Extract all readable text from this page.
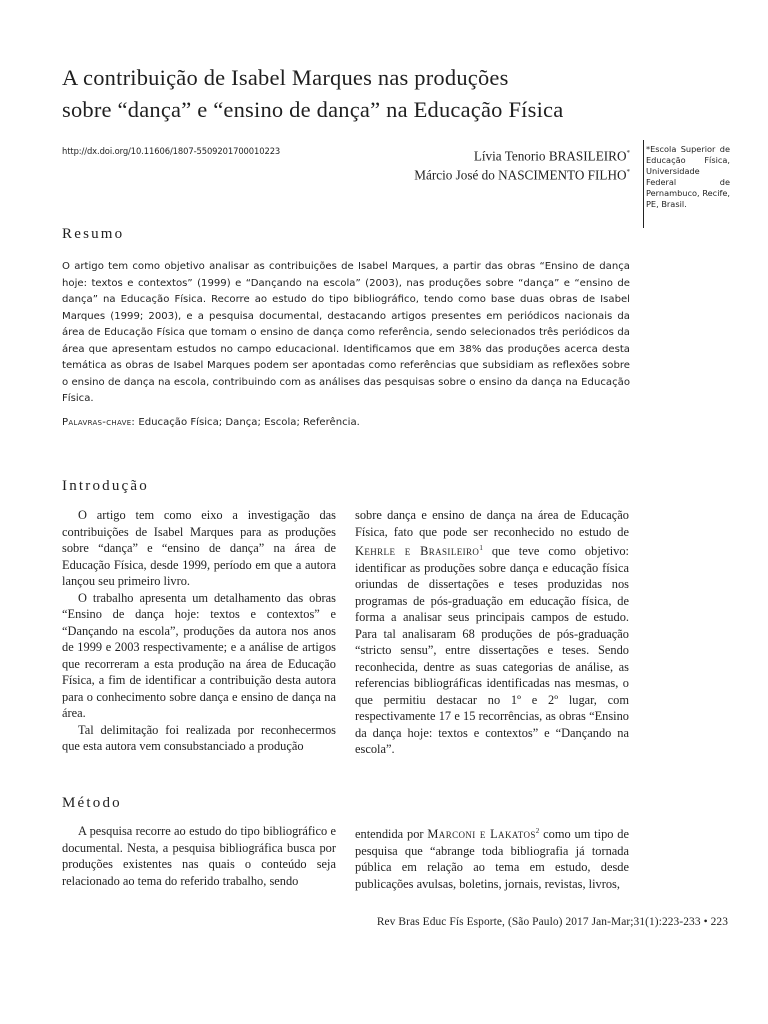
A contribuição de Isabel Marques nas produções
sobre “dança” e “ensino de dança” na Educação Física
http://dx.doi.org/10.11606/1807-5509201700010223	Lívia Tenorio BRASILEIRO*
Márcio José do NASCIMENTO FILHO*
*Escola Superior de Educação Física, Universidade Federal de Pernambuco, Recife, PE, Brasil.
Resumo
O artigo tem como objetivo analisar as contribuições de Isabel Marques, a partir das obras “Ensino de dança hoje: textos e contextos” (1999) e “Dançando na escola” (2003), nas produções sobre “dança” e “ensino de dança” na Educação Física. Recorre ao estudo do tipo bibliográfico, tendo como base duas obras de Isabel Marques (1999; 2003), e a pesquisa documental, destacando artigos presentes em periódicos nacionais da área de Educação Física que tomam o ensino de dança como referência, sendo selecionados três periódicos da área que apresentam estudos no campo educacional. Identificamos que em 38% das produções acerca desta temática as obras de Isabel Marques podem ser apontadas como referências que subsidiam as reflexões sobre o ensino de dança na escola, contribuindo com as análises das pesquisas sobre o ensino da dança na Educação Física.
Palavras-chave: Educação Física; Dança; Escola; Referência.
Introdução

O artigo tem como eixo a investigação das contribuições de Isabel Marques para as produções sobre “dança” e “ensino de dança” na área de Educação Física, desde 1999, período em que a autora lançou seu primeiro livro.

O trabalho apresenta um detalhamento das obras “Ensino de dança hoje: textos e contextos” e “Dançando na escola”, produções da autora nos anos de 1999 e 2003 respectivamente; e a análise de artigos que recorreram a esta produção na área de Educação Física, a fim de identificar a contribuição desta autora para o conhecimento sobre dança e ensino de dança na área.

Tal delimitação foi realizada por reconhecermos que esta autora vem consubstanciado a produção

sobre dança e ensino de dança na área de Educação Física, fato que pode ser reconhecido no estudo de Kehrle e Brasileiro$^1$ que teve como objetivo: identificar as produções sobre dança e educação física oriundas de dissertações e teses produzidas nos programas de pós-graduação em educação física, de forma a analisar seus principais campos de estudo. Para tal analisaram 68 produções de pós-graduação “stricto sensu”, entre dissertações e teses. Sendo reconhecida, dentre as suas categorias de análise, as referencias bibliográficas identificadas nas mesmas, o que permitiu destacar no 1º e 2º lugar, com respectivamente 17 e 15 recorrências, as obras “Ensino da dança hoje: textos e contextos” e “Dançando na escola”.

Método

A pesquisa recorre ao estudo do tipo bibliográfico e documental. Nesta, a pesquisa bibliográfica busca por produções existentes nas quais o conteúdo seja relacionado ao tema do referido trabalho, sendo

entendida por Marconi e Lakatos$^2$ como um tipo de pesquisa que “abrange toda bibliografia já tornada pública em relação ao tema em estudo, desde publicações avulsas, boletins, jornais, revistas, livros,

Rev Bras Educ Fís Esporte, (São Paulo) 2017 Jan-Mar;31(1):223-233 • 223
